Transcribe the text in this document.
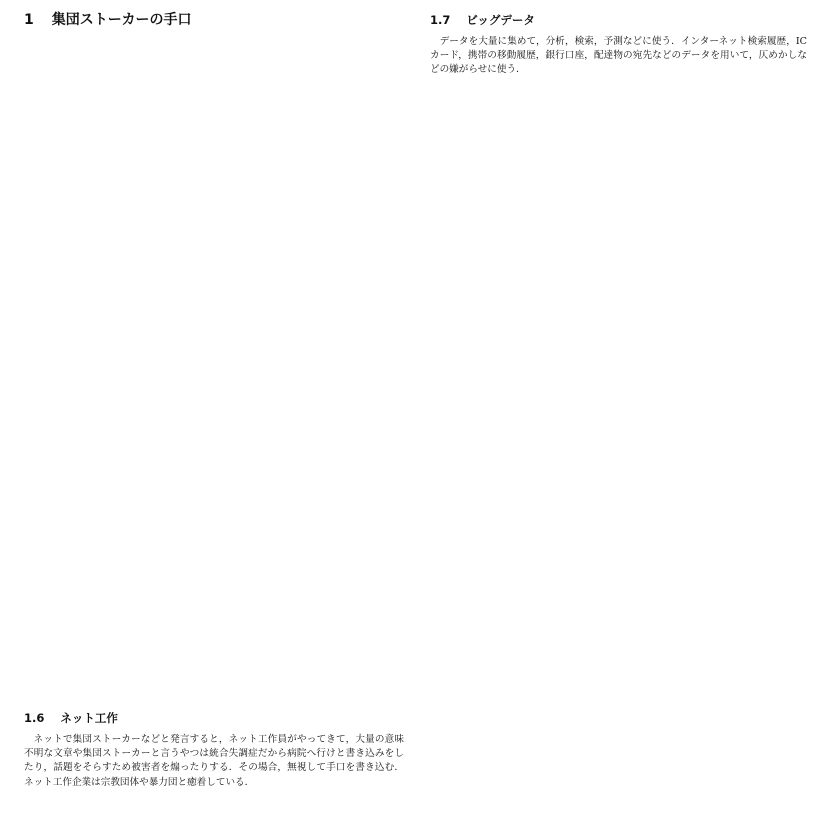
1 集団ストーカーの手口	1.7 ビッグデータ

データを大量に集めて，分析，検索，予測などに使う．インターネット検索履歴，IC カード，携帯の移動履歴，銀行口座，配達物の宛先などのデータを用いて，仄めかしなどの嫌がらせに使う．

1.6 ネット工作

ネットで集団ストーカーなどと発言すると，ネット工作員がやってきて，大量の意味不明な文章や集団ストーカーと言うやつは統合失調症だから病院へ行けと書き込みをしたり，話題をそらすため被害者を煽ったりする．その場合，無視して手口を書き込む．ネット工作企業は宗教団体や暴力団と癒着している．
